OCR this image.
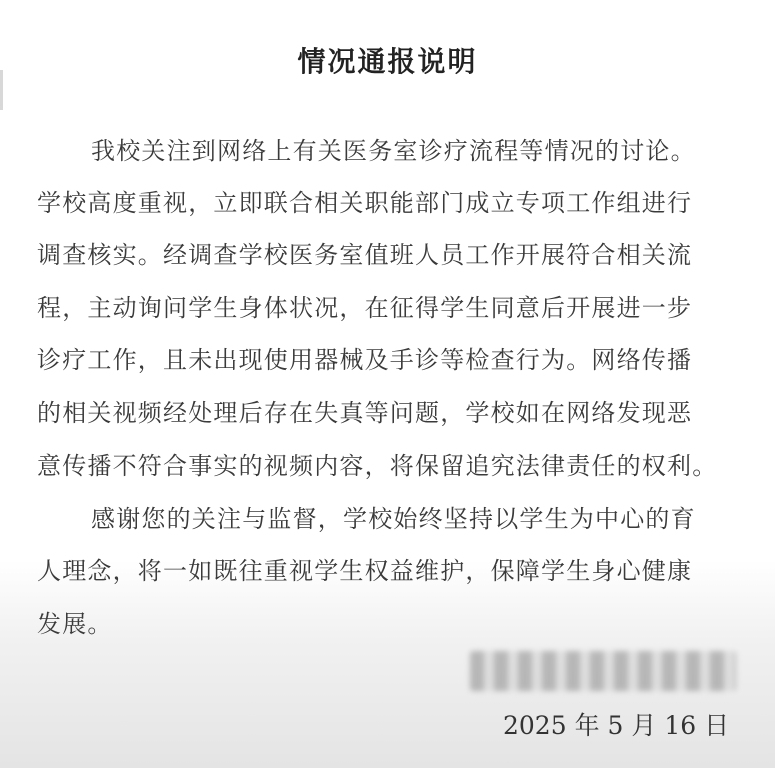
情况通报说明
我校关注到网络上有关医务室诊疗流程等情况的讨论。
学校高度重视，立即联合相关职能部门成立专项工作组进行
调查核实。经调查学校医务室值班人员工作开展符合相关流
程，主动询问学生身体状况，在征得学生同意后开展进一步
诊疗工作，且未出现使用器械及手诊等检查行为。网络传播
的相关视频经处理后存在失真等问题，学校如在网络发现恶
意传播不符合事实的视频内容，将保留追究法律责任的权利。
感谢您的关注与监督，学校始终坚持以学生为中心的育
人理念，将一如既往重视学生权益维护，保障学生身心健康
发展。
2025 年 5 月 16 日
